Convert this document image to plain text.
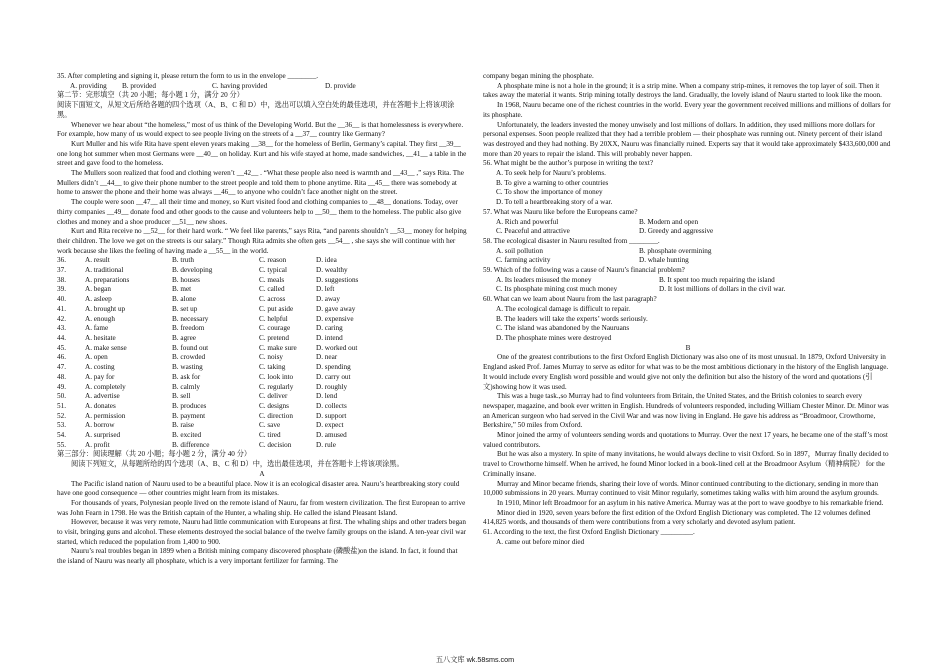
35. After completing and signing it, please return the form to us in the envelope ________.

A. providing	B. provided	C. having provided	D. provide

第二节：完形填空（共 20 小题；每小题 1 分，满分 20 分）

阅读下面短文，从短文后所给各题的四个选项（A、B、C 和 D）中，选出可以填入空白处的最佳选项，并在答题卡上将该项涂黑。

Whenever we hear about “the homeless,” most of us think of the Developing World. But the __36__ is that homelessness is everywhere. For example, how many of us would expect to see people living on the streets of a __37__ country like Germany?

Kurt Muller and his wife Rita have spent eleven years making __38__ for the homeless of Berlin, Germany’s capital. They first __39__ one long hot summer when most Germans were __40__ on holiday. Kurt and his wife stayed at home, made sandwiches, __41__ a table in the street and gave food to the homeless.

The Mullers soon realized that food and clothing weren’t __42__ . “What these people also need is warmth and __43__ ,” says Rita. The Mullers didn’t __44__ to give their phone number to the street people and told them to phone anytime. Rita __45__ there was somebody at home to answer the phone and their home was always __46__ to anyone who couldn’t face another night on the street.

The couple were soon __47__ all their time and money, so Kurt visited food and clothing companies to __48__ donations. Today, over thirty companies __49__ donate food and other goods to the cause and volunteers help to __50__ them to the homeless. The public also give clothes and money and a shoe producer __51__ new shoes.

Kurt and Rita receive no __52__ for their hard work. “ We feel like parents,” says Rita, “and parents shouldn’t __53__ money for helping their children. The love we get on the streets is our salary.” Though Rita admits she often gets __54__ , she says she will continue with her work because she likes the feeling of having made a __55__ in the world.

36.	A. result	B. truth	C. reason	D. idea
37.	A. traditional	B. developing	C. typical	D. wealthy
38.	A. preparations	B. houses	C. meals	D. suggestions
39.	A. began	B. met	C. called	D. left
40.	A. asleep	B. alone	C. across	D. away
41.	A. brought up	B. set up	C. put aside	D. gave away
42.	A. enough	B. necessary	C. helpful	D. expensive
43.	A. fame	B. freedom	C. courage	D. caring
44.	A. hesitate	B. agree	C. pretend	D. intend
45.	A. make sense	B. found out	C. make sure	D. worked out
46.	A. open	B. crowded	C. noisy	D. near
47.	A. costing	B. wasting	C. taking	D. spending
48.	A. pay for	B. ask for	C. look into	D. carry out
49.	A. completely	B. calmly	C. regularly	D. roughly
50.	A. advertise	B. sell	C. deliver	D. lend
51.	A. donates	B. produces	C. designs	D. collects
52.	A. permission	B. payment	C. direction	D. support
53.	A. borrow	B. raise	C. save	D. expect
54.	A. surprised	B. excited	C. tired	D. amused
55.	A. profit	B. difference	C. decision	D. rule

第三部分：阅读理解（共 20 小题；每小题 2 分，满分 40 分）

阅读下列短文，从每题所给的四个选项（A、B、C 和 D）中，选出最佳选项，并在答题卡上将该项涂黑。

A

The Pacific island nation of Nauru used to be a beautiful place. Now it is an ecological disaster area. Nauru’s heartbreaking story could have one good consequence — other countries might learn from its mistakes.

For thousands of years, Polynesian people lived on the remote island of Nauru, far from western civilization. The first European to arrive was John Fearn in 1798. He was the British captain of the Hunter, a whaling ship. He called the island Pleasant Island.

However, because it was very remote, Nauru had little communication with Europeans at first. The whaling ships and other traders began to visit, bringing guns and alcohol. These elements destroyed the social balance of the twelve family groups on the island. A ten-year civil war started, which reduced the population from 1,400 to 900.

Nauru’s real troubles began in 1899 when a British mining company discovered phosphate (磷酸盐)on the island. In fact, it found that the island of Nauru was nearly all phosphate, which is a very important fertilizer for farming. The

company began mining the phosphate.

A phosphate mine is not a hole in the ground; it is a strip mine. When a company strip-mines, it removes the top layer of soil. Then it takes away the material it wants. Strip mining totally destroys the land. Gradually, the lovely island of Nauru started to look like the moon.

In 1968, Nauru became one of the richest countries in the world. Every year the government received millions and millions of dollars for its phosphate.

Unfortunately, the leaders invested the money unwisely and lost millions of dollars. In addition, they used millions more dollars for personal expenses. Soon people realized that they had a terrible problem — their phosphate was running out. Ninety percent of their island was destroyed and they had nothing. By 20XX, Nauru was financially ruined. Experts say that it would take approximately $433,600,000 and more than 20 years to repair the island. This will probably never happen.

56. What might be the author’s purpose in writing the text?

A. To seek help for Nauru’s problems.

B. To give a warning to other countries

C. To show the importance of money

D. To tell a heartbreaking story of a war.

57. What was Nauru like before the Europeans came?

A. Rich and powerful	B. Modern and open
C. Peaceful and attractive	D. Greedy and aggressive

58. The ecological disaster in Nauru resulted from ________.

A. soil pollution	B. phosphate overmining
C. farming activity	D. whale hunting

59. Which of the following was a cause of Nauru’s financial problem?

A. Its leaders misused the money	B. It spent too much repairing the island
C. Its phosphate mining cost much money	D. It lost millions of dollars in the civil war.

60. What can we learn about Nauru from the last paragraph?

A. The ecological damage is difficult to repair.

B. The leaders will take the experts’ words seriously.

C. The island was abandoned by the Nauruans

D. The phosphate mines were destroyed

B

One of the greatest contributions to the first Oxford English Dictionary was also one of its most unusual. In 1879, Oxford University in England asked Prof. James Murray to serve as editor for what was to be the most ambitious dictionary in the history of the English language. It would include every English word possible and would give not only the definition but also the history of the word and quotations (引文)showing how it was used.

This was a huge task.,so Murray had to find volunteers from Britain, the United States, and the British colonies to search every newspaper, magazine, and book ever written in English. Hundreds of volunteers responded, including William Chester Minor. Dr. Minor was an American surgeon who had served in the Civil War and was now living in England. He gave his address as “Broadmoor, Crowthorne, Berkshire,” 50 miles from Oxford.

Minor joined the army of volunteers sending words and quotations to Murray. Over the next 17 years, he became one of the staff’s most valued contributors.

But he was also a mystery. In spite of many invitations, he would always decline to visit Oxford. So in 1897，Murray finally decided to travel to Crowthorne himself. When he arrived, he found Minor locked in a book-lined cell at the Broadmoor Asylum（精神病院） for the Criminally insane.

Murray and Minor became friends, sharing their love of words. Minor continued contributing to the dictionary, sending in more than 10,000 submissions in 20 years. Murray continued to visit Minor regularly, sometimes taking walks with him around the asylum grounds.

In 1910, Minor left Broadmoor for an asylum in his native America. Murray was at the port to wave goodbye to his remarkable friend.

Minor died in 1920, seven years before the first edition of the Oxford English Dictionary was completed. The 12 volumes defined 414,825 words, and thousands of them were contributions from a very scholarly and devoted asylum patient.

61. According to the text, the first Oxford English Dictionary _________.

A. came out before minor died

五八文库 wk.58sms.com
